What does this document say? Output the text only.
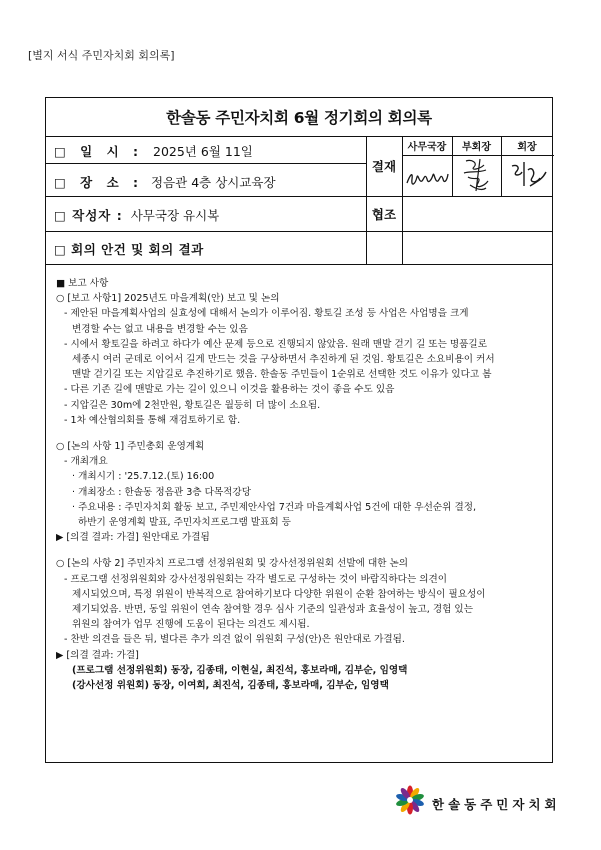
[별지 서식 주민자치회 회의록]
한솔동 주민자치회 6월 정기회의 회의록
□ 일 시 : 2025년 6월 11일
□ 장 소 : 정음관 4층 상시교육장
□ 작성자 : 사무국장 유시복
결재
사무국장	부회장	회장
협조
□ 회의 안건 및 회의 결과
■ 보고 사항
○ [보고 사항1] 2025년도 마을계획(안) 보고 및 논의
- 제안된 마을계획사업의 실효성에 대해서 논의가 이루어짐. 황토길 조성 등 사업은 사업명을 크게
변경할 수는 없고 내용을 변경할 수는 있음
- 시에서 황토길을 하려고 하다가 예산 문제 등으로 진행되지 않았음. 원래 맨발 걷기 길 또는 명품길로
세종시 여러 군데로 이어서 길게 만드는 것을 구상하면서 추진하게 된 것임. 황토길은 소요비용이 커서
맨발 걷기길 또는 지압길로 추진하기로 했음. 한솔동 주민들이 1순위로 선택한 것도 이유가 있다고 봄
- 다른 기존 길에 맨발로 가는 길이 있으니 이것을 활용하는 것이 좋을 수도 있음
- 지압길은 30m에 2천만원, 황토길은 월등히 더 많이 소요됨.
- 1차 예산협의회를 통해 재검토하기로 함.
○ [논의 사항 1] 주민총회 운영계획
- 개최개요
· 개최시기 : '25.7.12.(토) 16:00
· 개최장소 : 한솔동 정음관 3층 다목적강당
· 주요내용 : 주민자치회 활동 보고, 주민제안사업 7건과 마을계획사업 5건에 대한 우선순위 결정,
하반기 운영계획 발표, 주민자치프로그램 발표회 등
▶ [의결 결과: 가결] 원안대로 가결됨
○ [논의 사항 2] 주민자치 프로그램 선정위원회 및 강사선정위원회 선발에 대한 논의
- 프로그램 선정위원회와 강사선정위원회는 각각 별도로 구성하는 것이 바람직하다는 의견이
제시되었으며, 특정 위원이 반복적으로 참여하기보다 다양한 위원이 순환 참여하는 방식이 필요성이
제기되었음. 반면, 동일 위원이 연속 참여할 경우 심사 기준의 일관성과 효율성이 높고, 경험 있는
위원의 참여가 업무 진행에 도움이 된다는 의견도 제시됨.
- 찬반 의견을 들은 뒤, 별다른 추가 의견 없이 위원회 구성(안)은 원안대로 가결됨.
▶ [의결 결과: 가결]
(프로그램 선정위원회) 동장, 김종태, 이현실, 최진석, 홍보라매, 김부순, 임영택
(강사선정 위원회) 동장, 이여희, 최진석, 김종태, 홍보라매, 김부순, 임영택
한솔동주민자치회
